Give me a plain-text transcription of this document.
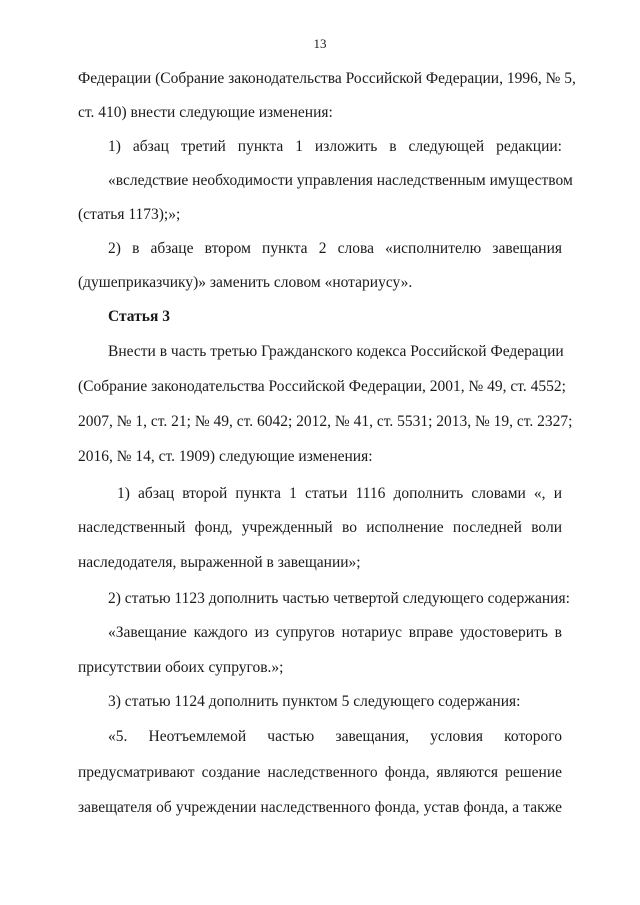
13
Федерации (Собрание законодательства Российской Федерации, 1996, № 5,
ст. 410) внести следующие изменения:
1) абзац третий пункта 1 изложить в следующей редакции:
«вследствие необходимости управления наследственным имуществом
(статья 1173);»;
2) в абзаце втором пункта 2 слова «исполнителю завещания
(душеприказчику)» заменить словом «нотариусу».
Статья 3
Внести в часть третью Гражданского кодекса Российской Федерации
(Собрание законодательства Российской Федерации, 2001, № 49, ст. 4552;
2007, № 1, ст. 21; № 49, ст. 6042; 2012, № 41, ст. 5531; 2013, № 19, ст. 2327;
2016, № 14, ст. 1909) следующие изменения:
1) абзац второй пункта 1 статьи 1116 дополнить словами «, и
наследственный фонд, учрежденный во исполнение последней воли
наследодателя, выраженной в завещании»;
2) статью 1123 дополнить частью четвертой следующего содержания:
«Завещание каждого из супругов нотариус вправе удостоверить в
присутствии обоих супругов.»;
3) статью 1124 дополнить пунктом 5 следующего содержания:
«5. Неотъемлемой частью завещания, условия которого
предусматривают создание наследственного фонда, являются решение
завещателя об учреждении наследственного фонда, устав фонда, а также
